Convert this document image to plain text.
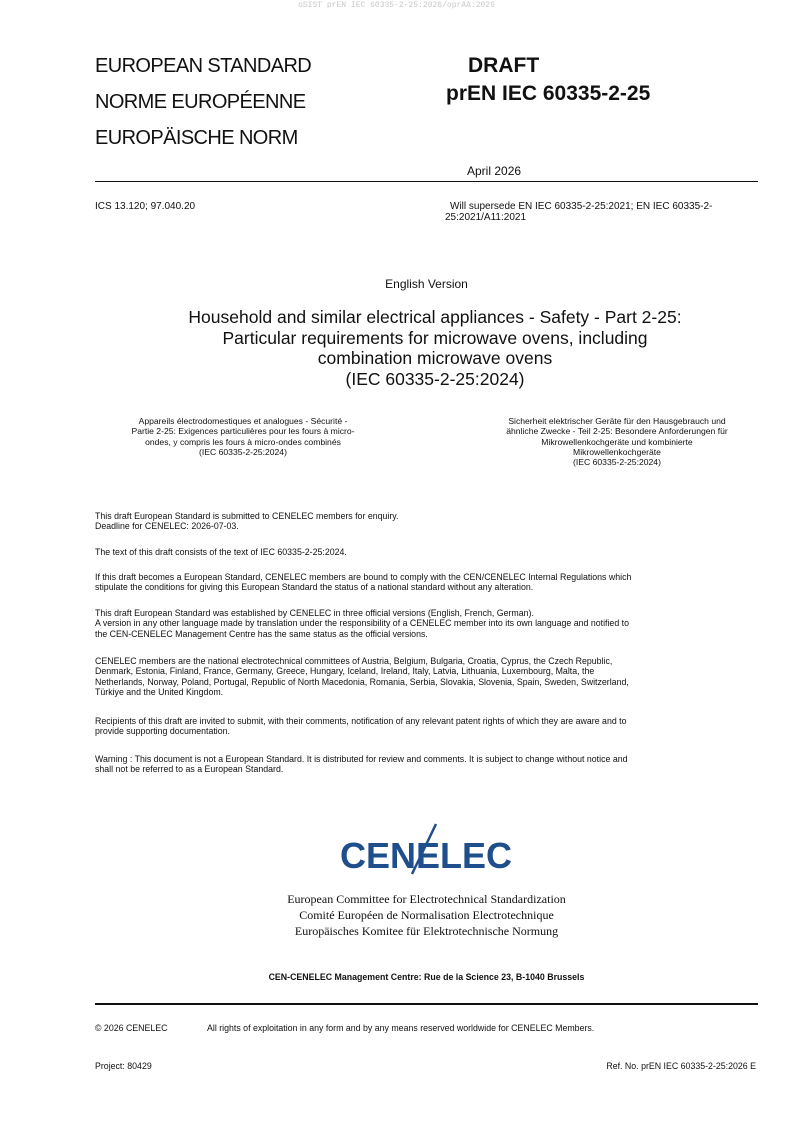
oSIST prEN IEC 60335-2-25:2026/oprAA:2026
EUROPEAN STANDARD
NORME EUROPÉENNE
EUROPÄISCHE NORM
DRAFT
prEN IEC 60335-2-25
April 2026
ICS 13.120; 97.040.20	Will supersede EN IEC 60335-2-25:2021; EN IEC 60335-2-25:2021/A11:2021
English Version
Household and similar electrical appliances - Safety - Part 2-25:
Particular requirements for microwave ovens, including
combination microwave ovens
(IEC 60335-2-25:2024)
Appareils électrodomestiques et analogues - Sécurité -
Partie 2-25: Exigences particulières pour les fours à micro-
ondes, y compris les fours à micro-ondes combinés
(IEC 60335-2-25:2024)
Sicherheit elektrischer Geräte für den Hausgebrauch und
ähnliche Zwecke - Teil 2-25: Besondere Anforderungen für
Mikrowellenkochgeräte und kombinierte
Mikrowellenkochgeräte
(IEC 60335-2-25:2024)

This draft European Standard is submitted to CENELEC members for enquiry.

Deadline for CENELEC: 2026-07-03.

The text of this draft consists of the text of IEC 60335-2-25:2024.

If this draft becomes a European Standard, CENELEC members are bound to comply with the CEN/CENELEC Internal Regulations which

stipulate the conditions for giving this European Standard the status of a national standard without any alteration.

This draft European Standard was established by CENELEC in three official versions (English, French, German).

A version in any other language made by translation under the responsibility of a CENELEC member into its own language and notified to

the CEN-CENELEC Management Centre has the same status as the official versions.

CENELEC members are the national electrotechnical committees of Austria, Belgium, Bulgaria, Croatia, Cyprus, the Czech Republic,

Denmark, Estonia, Finland, France, Germany, Greece, Hungary, Iceland, Ireland, Italy, Latvia, Lithuania, Luxembourg, Malta, the

Netherlands, Norway, Poland, Portugal, Republic of North Macedonia, Romania, Serbia, Slovakia, Slovenia, Spain, Sweden, Switzerland,

Türkiye and the United Kingdom.

Recipients of this draft are invited to submit, with their comments, notification of any relevant patent rights of which they are aware and to

provide supporting documentation.

Warning : This document is not a European Standard. It is distributed for review and comments. It is subject to change without notice and

shall not be referred to as a European Standard.

CENELEC
European Committee for Electrotechnical Standardization
Comité Européen de Normalisation Electrotechnique
Europäisches Komitee für Elektrotechnische Normung
CEN-CENELEC Management Centre: Rue de la Science 23, B-1040 Brussels
© 2026 CENELEC	All rights of exploitation in any form and by any means reserved worldwide for CENELEC Members.
Project: 80429	Ref. No. prEN IEC 60335-2-25:2026 E
